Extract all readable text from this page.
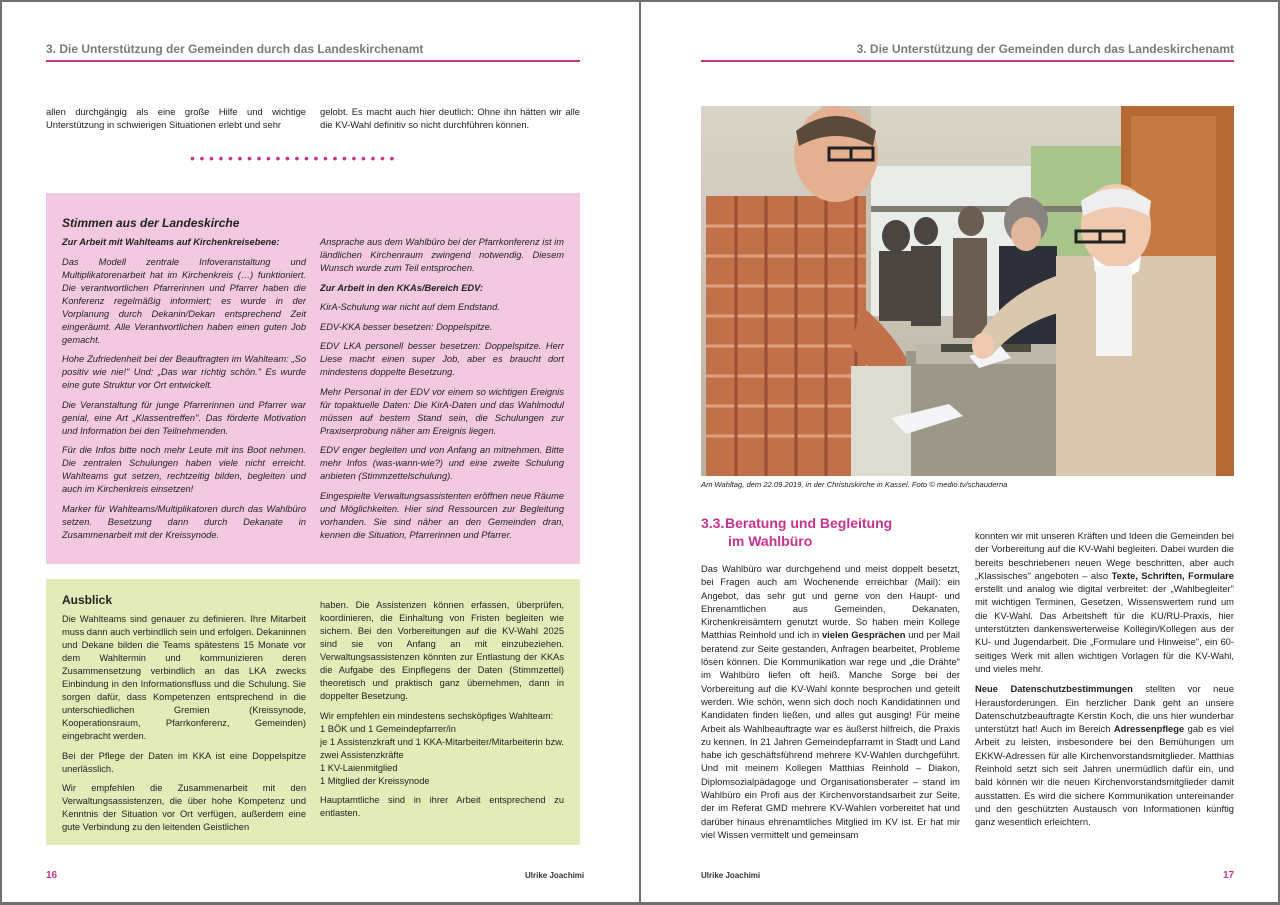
3. Die Unterstützung der Gemeinden durch das Landeskirchenamt
allen durchgängig als eine große Hilfe und wichtige Unterstützung in schwierigen Situationen erlebt und sehr
gelobt. Es macht auch hier deutlich: Ohne ihn hätten wir alle die KV-Wahl definitiv so nicht durchführen können.
••••••••••••••••••••••
Stimmen aus der Landeskirche

Zur Arbeit mit Wahlteams auf Kirchenkreisebene:

Das Modell zentrale Infoveranstaltung und Multiplikatorenarbeit hat im Kirchenkreis (…) funktioniert. Die verantwortlichen Pfarrerinnen und Pfarrer haben die Konferenz regelmäßig informiert; es wurde in der Vorplanung durch Dekanin/Dekan entsprechend Zeit eingeräumt. Alle Verantwortlichen haben einen guten Job gemacht.

Hohe Zufriedenheit bei der Beauftragten im Wahlteam: „So positiv wie nie!" Und: „Das war richtig schön." Es wurde eine gute Struktur vor Ort entwickelt.

Die Veranstaltung für junge Pfarrerinnen und Pfarrer war genial, eine Art „Klassentreffen". Das förderte Motivation und Information bei den Teilnehmenden.

Für die Infos bitte noch mehr Leute mit ins Boot nehmen. Die zentralen Schulungen haben viele nicht erreicht. Wahlteams gut setzen, rechtzeitig bilden, begleiten und auch im Kirchenkreis einsetzen!

Marker für Wahlteams/Multiplikatoren durch das Wahlbüro setzen. Besetzung dann durch Dekanate in Zusammenarbeit mit der Kreissynode.

Ansprache aus dem Wahlbüro bei der Pfarrkonferenz ist im ländlichen Kirchenraum zwingend notwendig. Diesem Wunsch wurde zum Teil entsprochen.

Zur Arbeit in den KKAs/Bereich EDV:

KirA-Schulung war nicht auf dem Endstand.

EDV-KKA besser besetzen: Doppelspitze.

EDV LKA personell besser besetzen: Doppelspitze. Herr Liese macht einen super Job, aber es braucht dort mindestens doppelte Besetzung.

Mehr Personal in der EDV vor einem so wichtigen Ereignis für topaktuelle Daten: Die KirA-Daten und das Wahlmodul müssen auf bestem Stand sein, die Schulungen zur Praxiserprobung näher am Ereignis liegen.

EDV enger begleiten und von Anfang an mitnehmen. Bitte mehr Infos (was-wann-wie?) und eine zweite Schulung anbieten (Stimmzettelschulung).

Eingespielte Verwaltungsassistenten eröffnen neue Räume und Möglichkeiten. Hier sind Ressourcen zur Begleitung vorhanden. Sie sind näher an den Gemeinden dran, kennen die Situation, Pfarrerinnen und Pfarrer.

Ausblick

Die Wahlteams sind genauer zu definieren. Ihre Mitarbeit muss dann auch verbindlich sein und erfolgen. Dekaninnen und Dekane bilden die Teams spätestens 15 Monate vor dem Wahltermin und kommunizieren deren Zusammensetzung verbindlich an das LKA zwecks Einbindung in den Informationsfluss und die Schulung. Sie sorgen dafür, dass Kompetenzen entsprechend in die unterschiedlichen Gremien (Kreissynode, Kooperationsraum, Pfarrkonferenz, Gemeinden) eingebracht werden.

Bei der Pflege der Daten im KKA ist eine Doppelspitze unerlässlich.

Wir empfehlen die Zusammenarbeit mit den Verwaltungsassistenzen, die über hohe Kompetenz und Kenntnis der Situation vor Ort verfügen, außerdem eine gute Verbindung zu den leitenden Geistlichen

haben. Die Assistenzen können erfassen, überprüfen, koordinieren, die Einhaltung von Fristen begleiten wie sichern. Bei den Vorbereitungen auf die KV-Wahl 2025 sind sie von Anfang an mit einzubeziehen. Verwaltungsassistenzen könnten zur Entlastung der KKAs die Aufgabe des Einpflegens der Daten (Stimmzettel) theoretisch und praktisch ganz übernehmen, dann in doppelter Besetzung.

Wir empfehlen ein mindestens sechsköpfiges Wahlteam:

1 BÖK und 1 Gemeindepfarrer/in
je 1 Assistenzkraft und 1 KKA-Mitarbeiter/Mitarbeiterin bzw. zwei Assistenzkräfte
1 KV-Laienmitglied
1 Mitglied der Kreissynode

Hauptamtliche sind in ihrer Arbeit entsprechend zu entlasten.

16	Ulrike Joachimi
3. Die Unterstützung der Gemeinden durch das Landeskirchenamt
Am Wahltag, dem 22.09.2019, in der Christuskirche in Kassel. Foto © medio.tv/schauderna
3.3.Beratung und Begleitung
im Wahlbüro

Das Wahlbüro war durchgehend und meist doppelt besetzt, bei Fragen auch am Wochenende erreichbar (Mail): ein Angebot, das sehr gut und gerne von den Haupt- und Ehrenamtlichen aus Gemeinden, Dekanaten, Kirchenkreisämtern genutzt wurde. So haben mein Kollege Matthias Reinhold und ich in vielen Gesprächen und per Mail beratend zur Seite gestanden, Anfragen bearbeitet, Probleme lösen können. Die Kommunikation war rege und „die Drähte" im Wahlbüro liefen oft heiß. Manche Sorge bei der Vorbereitung auf die KV-Wahl konnte besprochen und geteilt werden. Wie schön, wenn sich doch noch Kandidatinnen und Kandidaten finden ließen, und alles gut ausging! Für meine Arbeit als Wahlbeauftragte war es äußerst hilfreich, die Praxis zu kennen. In 21 Jahren Gemeindepfarramt in Stadt und Land habe ich geschäftsführend mehrere KV-Wahlen durchgeführt. Und mit meinem Kollegen Matthias Reinhold – Diakon, Diplomsozialpädagoge und Organisationsberater – stand im Wahlbüro ein Profi aus der Kirchenvorstandsarbeit zur Seite, der im Referat GMD mehrere KV-Wahlen vorbereitet hat und darüber hinaus ehrenamtliches Mitglied im KV ist. Er hat mir viel Wissen vermittelt und gemeinsam

konnten wir mit unseren Kräften und Ideen die Gemeinden bei der Vorbereitung auf die KV-Wahl begleiten. Dabei wurden die bereits beschriebenen neuen Wege beschritten, aber auch „Klassisches" angeboten – also Texte, Schriften, Formulare erstellt und analog wie digital verbreitet: der „Wahlbegleiter" mit wichtigen Terminen, Gesetzen, Wissenswertem rund um die KV-Wahl. Das Arbeitsheft für die KU/RU-Praxis, hier unterstützten dankenswerterweise Kollegin/Kollegen aus der KU- und Jugendarbeit. Die „Formulare und Hinweise", ein 60-seitiges Werk mit allen wichtigen Vorlagen für die KV-Wahl, und vieles mehr.

Neue Datenschutzbestimmungen stellten vor neue Herausforderungen. Ein herzlicher Dank geht an unsere Datenschutzbeauftragte Kerstin Koch, die uns hier wunderbar unterstützt hat! Auch im Bereich Adressenpflege gab es viel Arbeit zu leisten, insbesondere bei den Bemühungen um EKKW-Adressen für alle Kirchenvorstandsmitglieder. Matthias Reinhold setzt sich seit Jahren unermüdlich dafür ein, und bald können wir die neuen Kirchenvorstandsmitglieder damit ausstatten. Es wird die sichere Kommunikation untereinander und den geschützten Austausch von Informationen künftig ganz wesentlich erleichtern.

Ulrike Joachimi	17
